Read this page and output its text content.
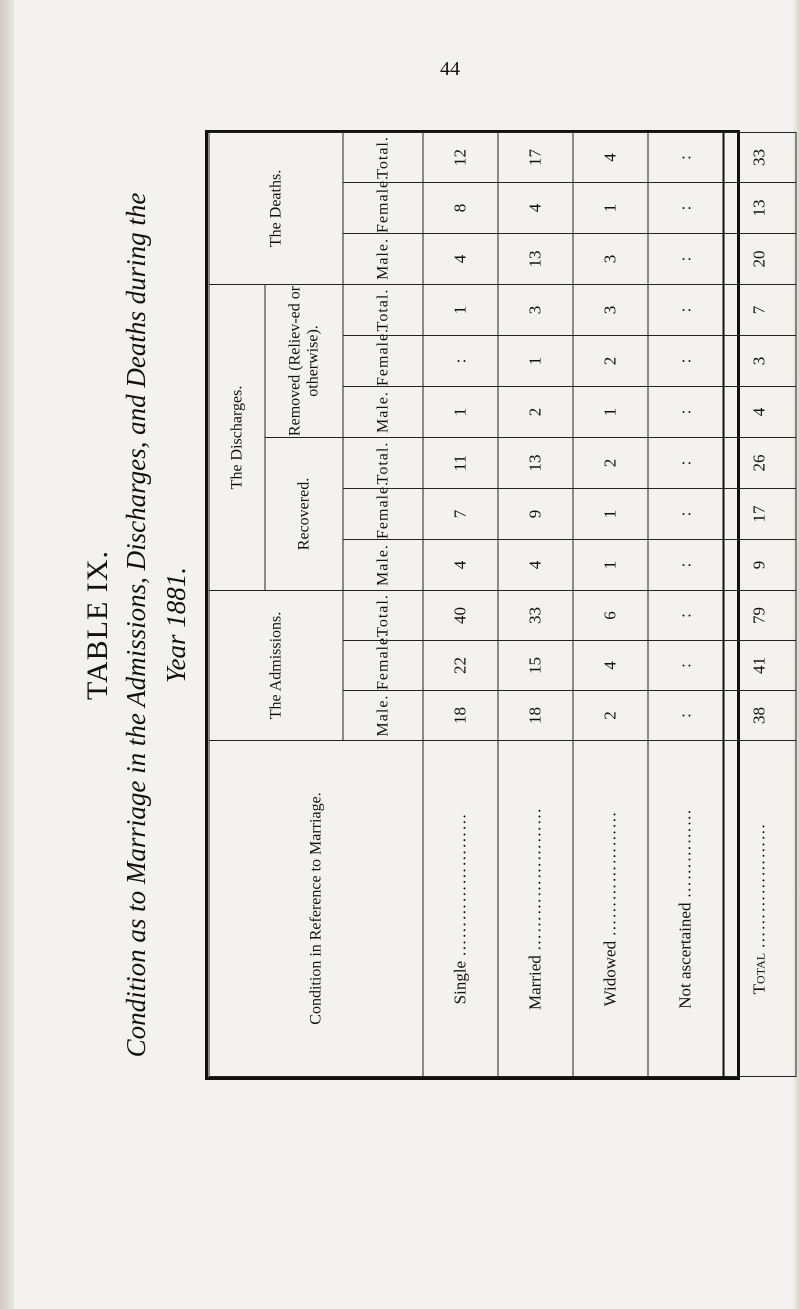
44
TABLE IX. Condition as to Marriage in the Admissions, Discharges, and Deaths during the Year 1881.
Condition in Reference to Marriage.	The Admissions.			The Discharges.						The Deaths.		
				Recovered.			Removed (Reliev-ed or otherwise).					
	Male.	Female.	Total.	Male.	Female.	Total.	Male.	Female.	Total.	Male.	Female.	Total.
Single ……………………	18	22	40	4	7	11	1	:	1	4	8	12
Married ……………………	18	15	33	4	9	13	2	1	3	13	4	17
Widowed …………………	2	4	6	1	1	2	1	2	3	3	1	4
Not ascertained ……………	:	:	:	:	:	:	:	:	:	:	:	:
Total …………………	38	41	79	9	17	26	4	3	7	20	13	33
